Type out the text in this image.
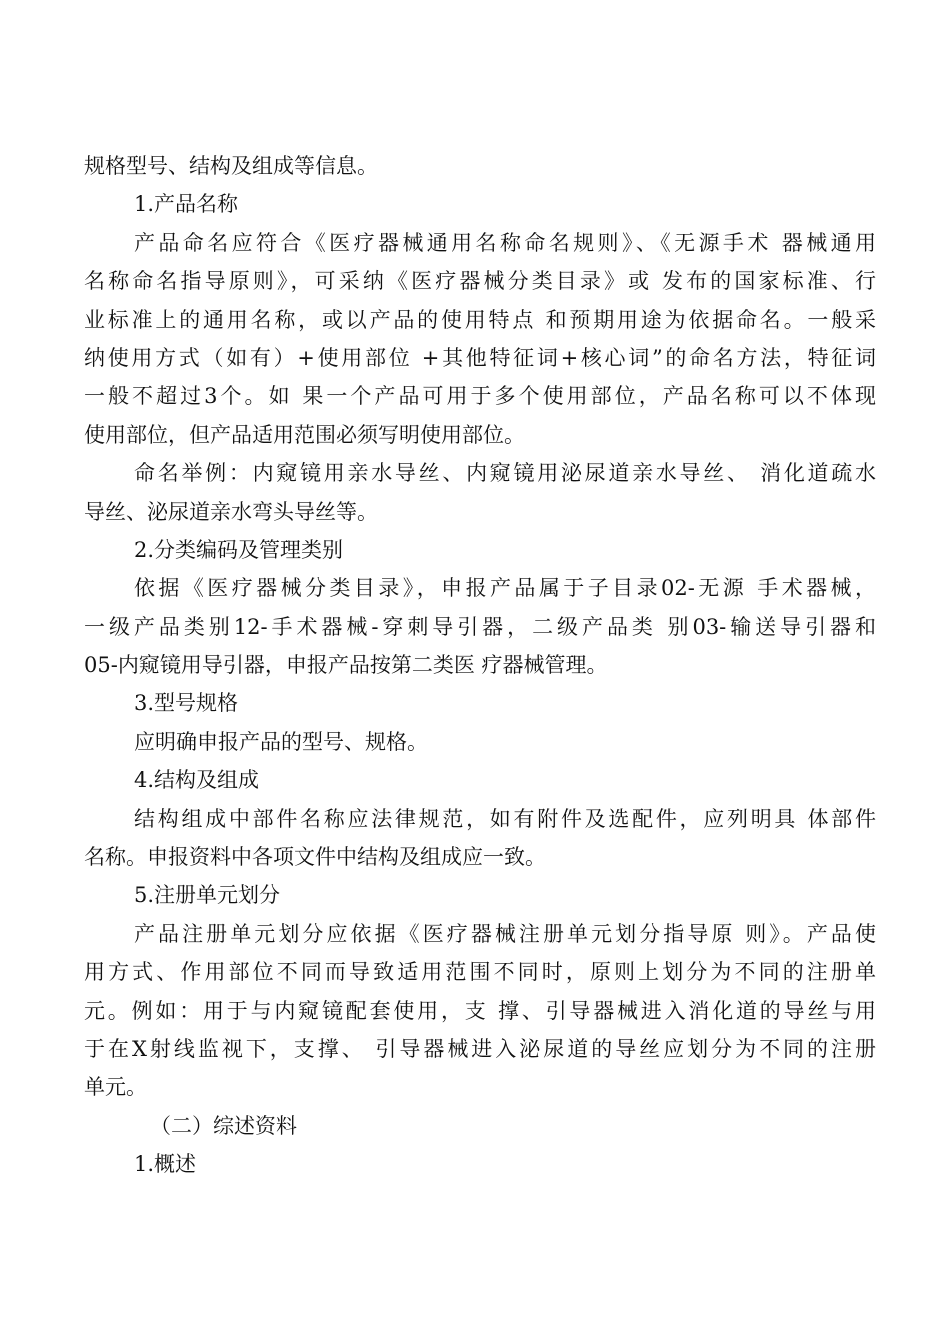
规格型号、结构及组成等信息。
1.产品名称
产品命名应符合《医疗器械通用名称命名规则》、《无源手术 器械通用
名称命名指导原则》，可采纳《医疗器械分类目录》或 发布的国家标准、行
业标准上的通用名称，或以产品的使用特点 和预期用途为依据命名。一般采
纳使用方式（如有）+使用部位 +其他特征词+核心词”的命名方法，特征词
一般不超过3个。如 果一个产品可用于多个使用部位，产品名称可以不体现
使用部位，但产品适用范围必须写明使用部位。
命名举例：内窥镜用亲水导丝、内窥镜用泌尿道亲水导丝、 消化道疏水
导丝、泌尿道亲水弯头导丝等。
2.分类编码及管理类别
依据《医疗器械分类目录》，申报产品属于子目录02-无源 手术器械，
一级产品类别12-手术器械-穿刺导引器，二级产品类 别03-输送导引器和
05-内窥镜用导引器，申报产品按第二类医 疗器械管理。
3.型号规格
应明确申报产品的型号、规格。
4.结构及组成
结构组成中部件名称应法律规范，如有附件及选配件，应列明具 体部件
名称。申报资料中各项文件中结构及组成应一致。
5.注册单元划分
产品注册单元划分应依据《医疗器械注册单元划分指导原 则》。产品使
用方式、作用部位不同而导致适用范围不同时，原则上划分为不同的注册单
元。例如：用于与内窥镜配套使用，支 撑、引导器械进入消化道的导丝与用
于在X射线监视下，支撑、 引导器械进入泌尿道的导丝应划分为不同的注册
单元。
（二）综述资料
1.概述
